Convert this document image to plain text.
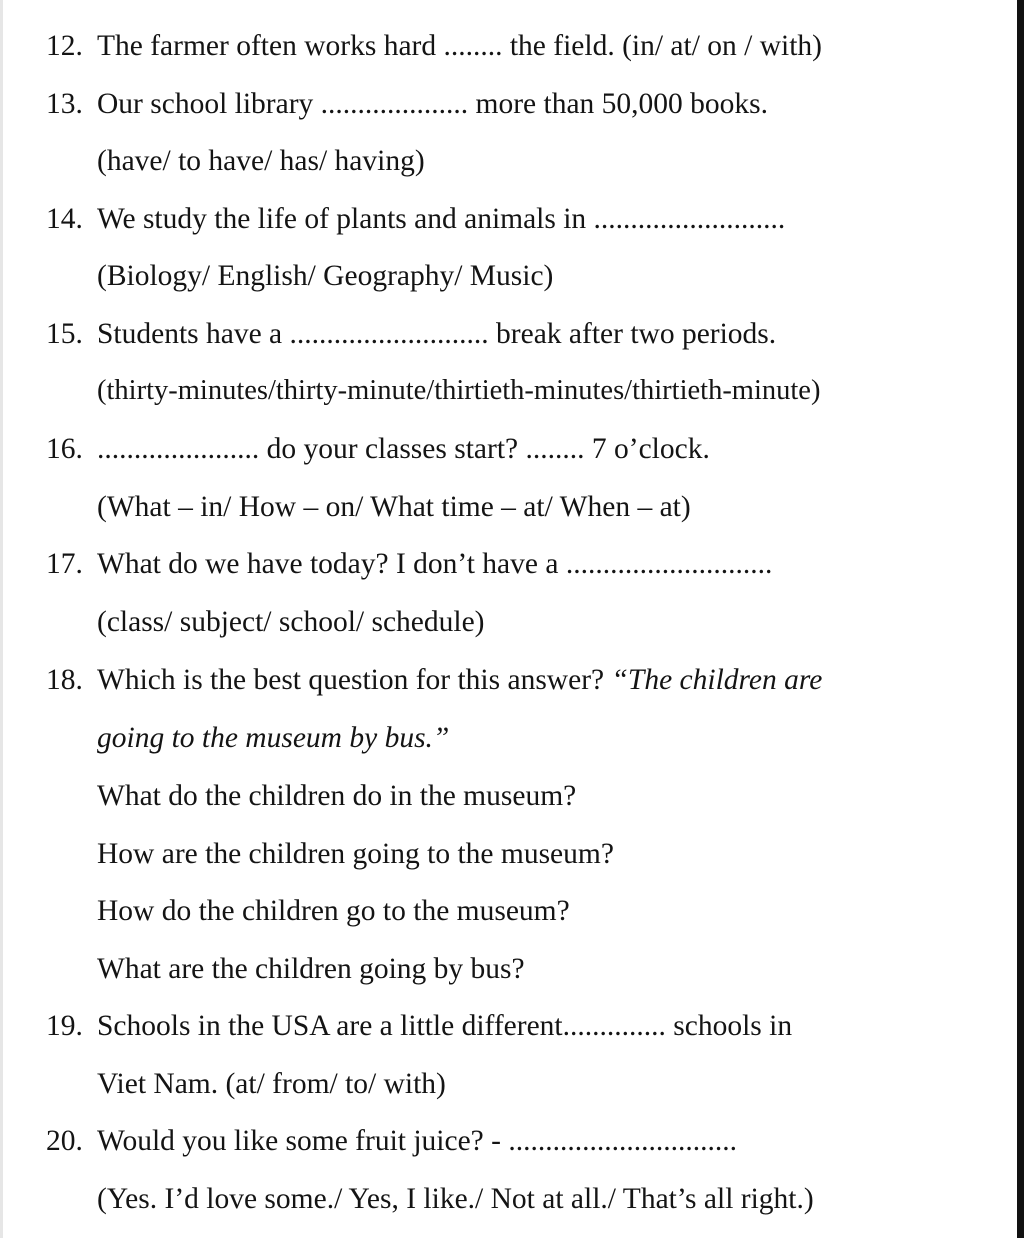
12. The farmer often works hard ........ the field. (in/ at/ on / with)
13. Our school library .................... more than 50,000 books.
(have/ to have/ has/ having)
14. We study the life of plants and animals in ..........................
(Biology/ English/ Geography/ Music)
15. Students have a ........................... break after two periods.
(thirty-minutes/thirty-minute/thirtieth-minutes/thirtieth-minute)
16. ...................... do your classes start? ........ 7 o’clock.
(What – in/ How – on/ What time – at/ When – at)
17. What do we have today? I don’t have a ............................
(class/ subject/ school/ schedule)
18. Which is the best question for this answer? “The children are
going to the museum by bus.”
What do the children do in the museum?
How are the children going to the museum?
How do the children go to the museum?
What are the children going by bus?
19. Schools in the USA are a little different.............. schools in
Viet Nam. (at/ from/ to/ with)
20. Would you like some fruit juice? - ...............................
(Yes. I’d love some./ Yes, I like./ Not at all./ That’s all right.)
